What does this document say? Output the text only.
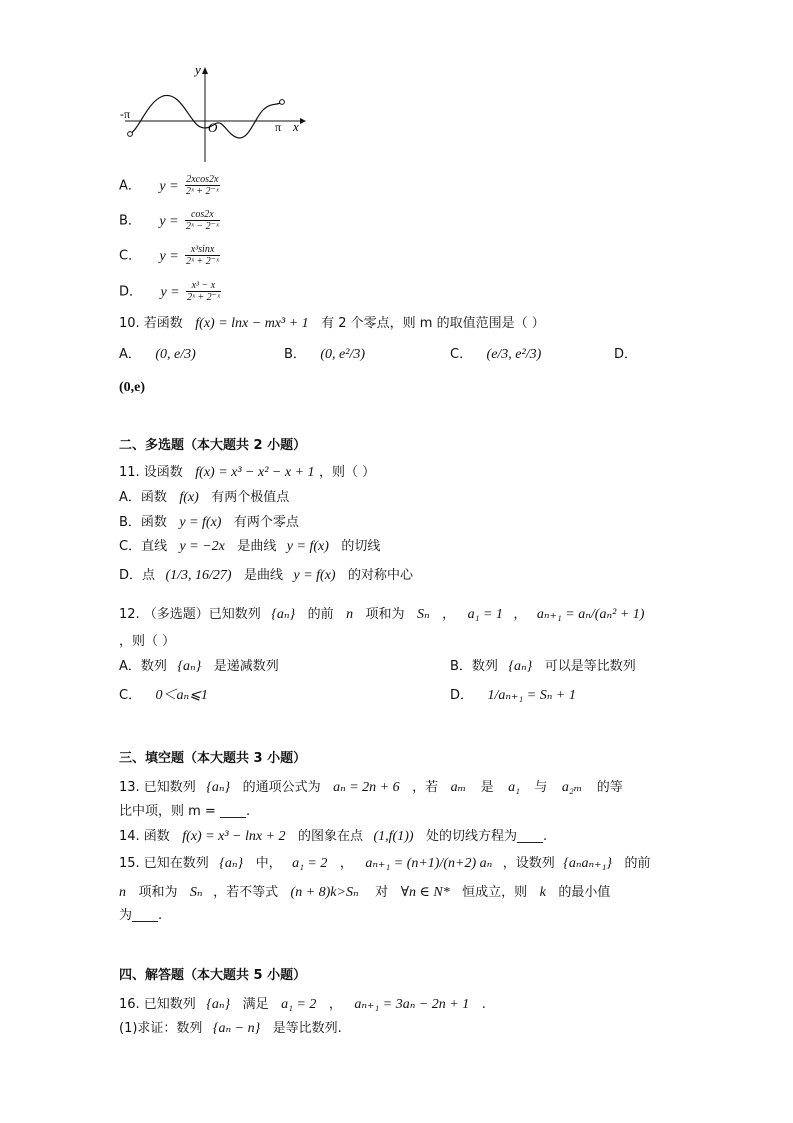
y
x
O
-π
π
A． $y = \frac{2xcos2x}{\text{2ˣ + 2⁻ˣ}}$
B． $y = \frac{\cos 2x}{\text{2ˣ − 2⁻ˣ}}$
C． $y = \frac{\text{x³sinx}}{\text{2ˣ + 2⁻ˣ}}$
D． $y = \frac{\text{x³ − x}}{\text{2ˣ + 2⁻ˣ}}$
10. 若函数 f(x) = lnx − mx³ + 1 有 2 个零点，则 m 的取值范围是（ ）
A． (0, e/3)	B． (0, e²/3)	C． (e/3, e²/3)	D．
(0,e)
二、多选题（本大题共 2 小题）
11. 设函数 f(x) = x³ − x² − x + 1 ，则（ ）
A．函数 f(x) 有两个极值点
B．函数 y = f(x) 有两个零点
C．直线 y = −2x 是曲线 y = f(x) 的切线
D．点 (1/3, 16/27) 是曲线 y = f(x) 的对称中心
12. （多选题）已知数列 {aₙ} 的前 n 项和为 Sₙ ， a₁ = 1 ， aₙ₊₁ = aₙ/(aₙ² + 1)
，则（ ）
A．数列 {aₙ} 是递减数列	B．数列 {aₙ} 可以是等比数列
C． 0＜aₙ⩽1	D． 1/aₙ₊₁ = Sₙ + 1
三、填空题（本大题共 3 小题）
13. 已知数列 {aₙ} 的通项公式为 aₙ = 2n + 6 ，若 aₘ 是 a₁ 与 a₂ₘ 的等
比中项，则 m = ____.
14. 函数 f(x) = x³ − lnx + 2 的图象在点 (1,f(1)) 处的切线方程为____.
15. 已知在数列 {aₙ} 中， a₁ = 2 ， aₙ₊₁ = (n+1)/(n+2) aₙ ，设数列 {aₙaₙ₊₁} 的前
n 项和为 Sₙ ，若不等式 (n + 8)k>Sₙ 对 ∀n ∈ N* 恒成立，则 k 的最小值
为____.
四、解答题（本大题共 5 小题）
16. 已知数列 {aₙ} 满足 a₁ = 2 ， aₙ₊₁ = 3aₙ − 2n + 1 .
(1)求证：数列 {aₙ − n} 是等比数列.
